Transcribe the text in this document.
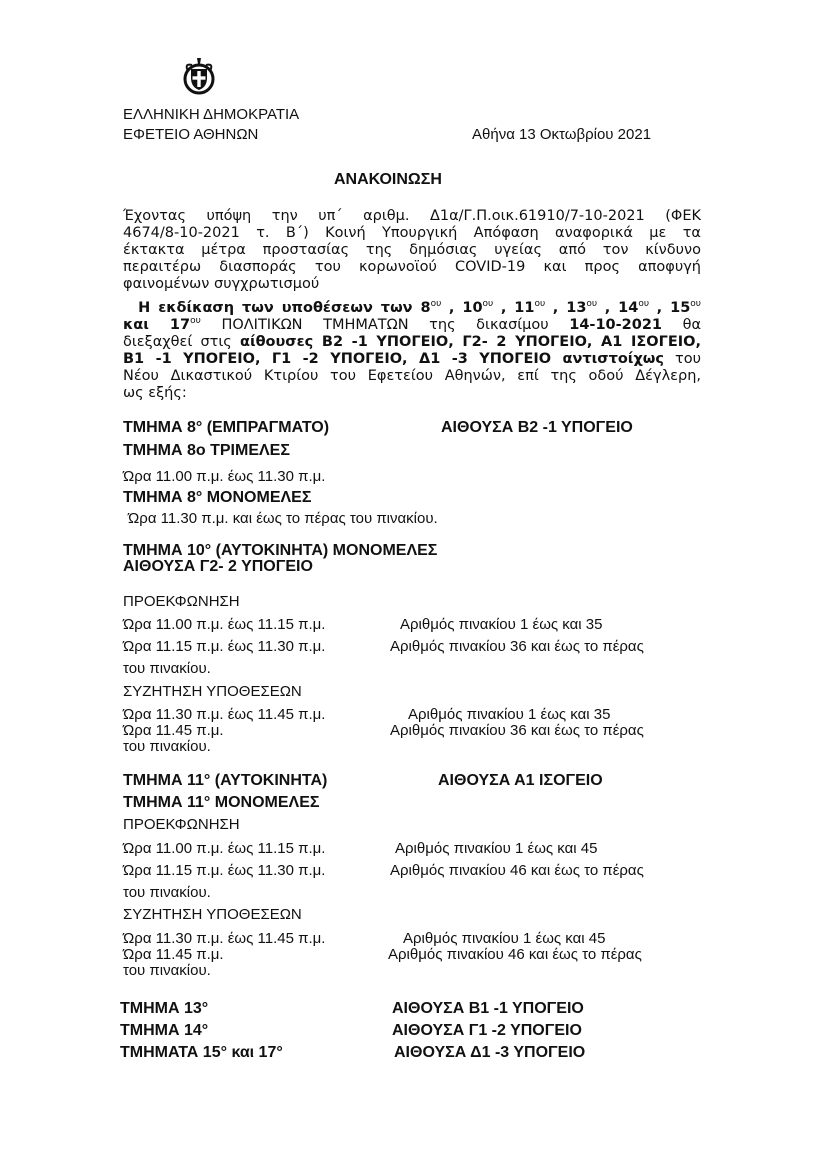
ΕΛΛΗΝΙΚΗ ΔΗΜΟΚΡΑΤΙΑ
ΕΦΕΤΕΙΟ ΑΘΗΝΩΝ	Αθήνα 13 Οκτωβρίου 2021
ΑΝΑΚΟΙΝΩΣΗ
Έχοντας υπόψη την υπ΄ αριθμ. Δ1α/Γ.Π.οικ.61910/7-10-2021 (ΦΕΚ
4674/8-10-2021 τ. Β΄) Κοινή Υπουργική Απόφαση αναφορικά με τα
έκτακτα μέτρα προστασίας της δημόσιας υγείας από τον κίνδυνο
περαιτέρω διασποράς του κορωνοϊού COVID-19 και προς αποφυγή
φαινομένων συγχρωτισμού
Η εκδίκαση των υποθέσεων των $8^{o\upsilon}$ , $10^{o\upsilon}$ , $11^{o\upsilon}$ , $13^{o\upsilon}$ , $14^{o\upsilon}$ , $15^{o\upsilon}$
και $17^{o\upsilon}$ ΠΟΛΙΤΙΚΩΝ ΤΜΗΜΑΤΩΝ της δικασίμου 14-10-2021 θα
διεξαχθεί στις αίθουσες Β2 -1 ΥΠΟΓΕΙΟ, Γ2- 2 ΥΠΟΓΕΙΟ, Α1 ΙΣΟΓΕΙΟ,
Β1 -1 ΥΠΟΓΕΙΟ, Γ1 -2 ΥΠΟΓΕΙΟ, Δ1 -3 ΥΠΟΓΕΙΟ αντιστοίχως του
Νέου Δικαστικού Κτιρίου του Εφετείου Αθηνών, επί της οδού Δέγλερη,
ως εξής:
ΤΜΗΜΑ 8° (ΕΜΠΡΑΓΜΑΤΟ)	ΑΙΘΟΥΣΑ Β2 -1 ΥΠΟΓΕΙΟ
ΤΜΗΜΑ 8ο ΤΡΙΜΕΛΕΣ
Ώρα 11.00 π.μ. έως 11.30 π.μ.
ΤΜΗΜΑ 8° ΜΟΝΟΜΕΛΕΣ
Ώρα 11.30 π.μ. και έως το πέρας του πινακίου.
ΤΜΗΜΑ 10° (ΑΥΤΟΚΙΝΗΤΑ) ΜΟΝΟΜΕΛΕΣ
ΑΙΘΟΥΣΑ Γ2- 2 ΥΠΟΓΕΙΟ
ΠΡΟΕΚΦΩΝΗΣΗ
Ώρα 11.00 π.μ. έως 11.15 π.μ.	Αριθμός πινακίου 1 έως και 35
Ώρα 11.15 π.μ. έως 11.30 π.μ.	Αριθμός πινακίου 36 και έως το πέρας
του πινακίου.
ΣΥΖΗΤΗΣΗ ΥΠΟΘΕΣΕΩΝ
Ώρα 11.30 π.μ. έως 11.45 π.μ.	Αριθμός πινακίου 1 έως και 35
Ώρα 11.45 π.μ.	Αριθμός πινακίου 36 και έως το πέρας
του πινακίου.
ΤΜΗΜΑ 11° (ΑΥΤΟΚΙΝΗΤΑ)	ΑΙΘΟΥΣΑ Α1 ΙΣΟΓΕΙΟ
ΤΜΗΜΑ 11° ΜΟΝΟΜΕΛΕΣ
ΠΡΟΕΚΦΩΝΗΣΗ
Ώρα 11.00 π.μ. έως 11.15 π.μ.	Αριθμός πινακίου 1 έως και 45
Ώρα 11.15 π.μ. έως 11.30 π.μ.	Αριθμός πινακίου 46 και έως το πέρας
του πινακίου.
ΣΥΖΗΤΗΣΗ ΥΠΟΘΕΣΕΩΝ
Ώρα 11.30 π.μ. έως 11.45 π.μ.	Αριθμός πινακίου 1 έως και 45
Ώρα 11.45 π.μ.	Αριθμός πινακίου 46 και έως το πέρας
του πινακίου.
ΤΜΗΜΑ 13°	ΑΙΘΟΥΣΑ Β1 -1 ΥΠΟΓΕΙΟ
ΤΜΗΜΑ 14°	ΑΙΘΟΥΣΑ Γ1 -2 ΥΠΟΓΕΙΟ
ΤΜΗΜΑΤΑ 15° και 17°	ΑΙΘΟΥΣΑ Δ1 -3 ΥΠΟΓΕΙΟ
